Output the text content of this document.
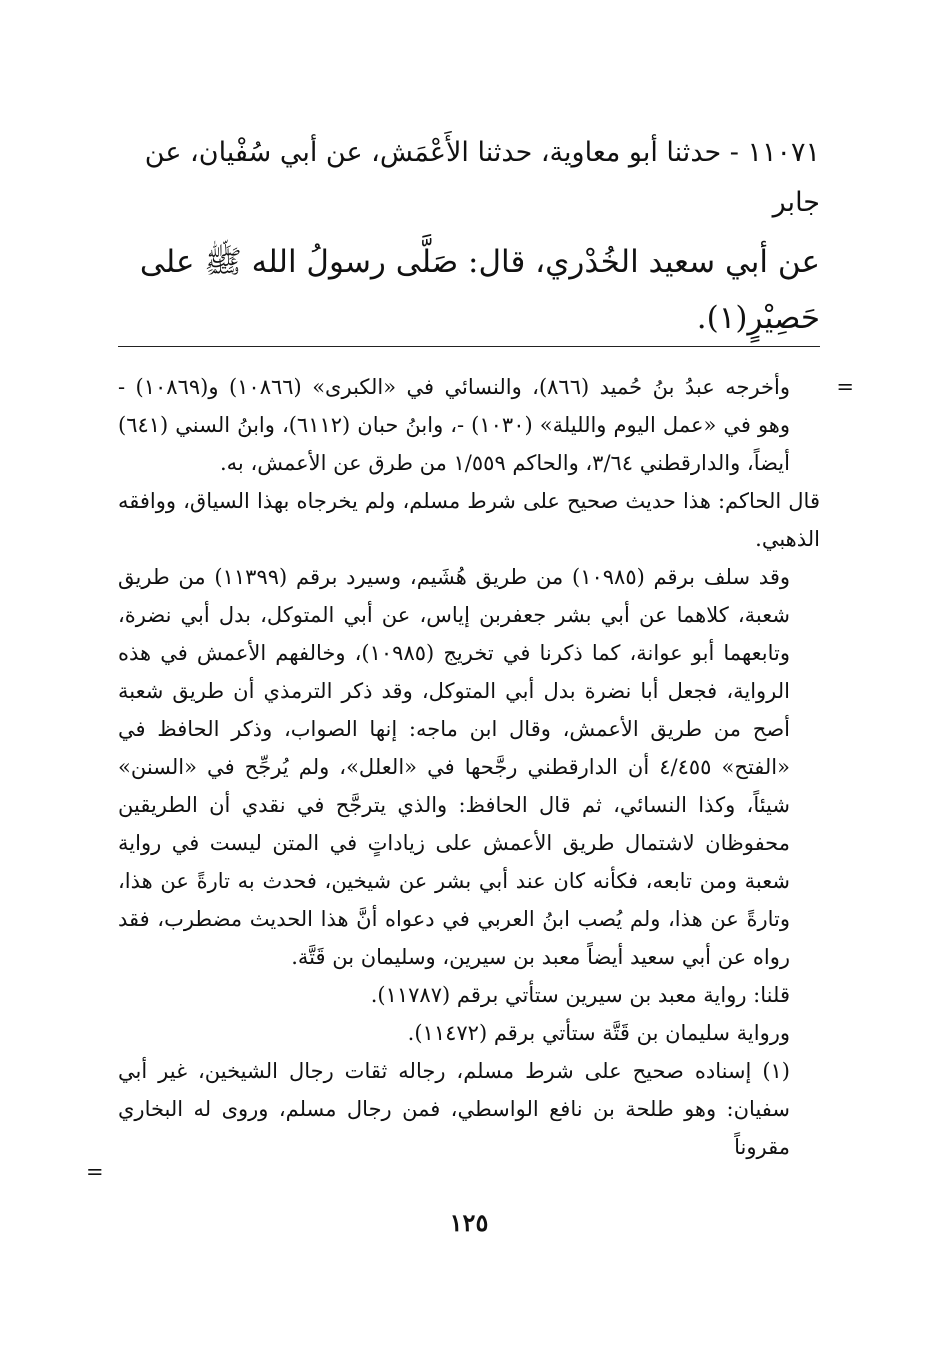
١١٠٧١ - حدثنا أبو معاوية، حدثنا الأَعْمَش، عن أبي سُفْيان، عن
جابر
عن أبي سعيد الخُدْري، قال: صَلَّى رسولُ الله ﷺ على
حَصِيْرٍ(١).
=

وأخرجه عبدُ بنُ حُميد (٨٦٦)، والنسائي في «الكبرى» (١٠٨٦٦) و(١٠٨٦٩) - وهو في «عمل اليوم والليلة» (١٠٣٠) -، وابنُ حبان (٦١١٢)، وابنُ السني (٦٤١) أيضاً، والدارقطني ٣/٦٤، والحاكم ١/٥٥٩ من طرق عن الأعمش، به.

قال الحاكم: هذا حديث صحيح على شرط مسلم، ولم يخرجاه بهذا السياق، ووافقه الذهبي.

وقد سلف برقم (١٠٩٨٥) من طريق هُشَيم، وسيرد برقم (١١٣٩٩) من طريق شعبة، كلاهما عن أبي بشر جعفربن إياس، عن أبي المتوكل، بدل أبي نضرة، وتابعهما أبو عوانة، كما ذكرنا في تخريج (١٠٩٨٥)، وخالفهم الأعمش في هذه الرواية، فجعل أبا نضرة بدل أبي المتوكل، وقد ذكر الترمذي أن طريق شعبة أصح من طريق الأعمش، وقال ابن ماجه: إنها الصواب، وذكر الحافظ في «الفتح» ٤/٤٥٥ أن الدارقطني رجَّحها في «العلل»، ولم يُرجِّح في «السنن» شيئاً، وكذا النسائي، ثم قال الحافظ: والذي يترجَّح في نقدي أن الطريقين محفوظان لاشتمال طريق الأعمش على زياداتٍ في المتن ليست في رواية شعبة ومن تابعه، فكأنه كان عند أبي بشر عن شيخين، فحدث به تارةً عن هذا، وتارةً عن هذا، ولم يُصب ابنُ العربي في دعواه أنَّ هذا الحديث مضطرب، فقد رواه عن أبي سعيد أيضاً معبد بن سيرين، وسليمان بن قَتَّة.

قلنا: رواية معبد بن سيرين ستأتي برقم (١١٧٨٧).

ورواية سليمان بن قَتَّة ستأتي برقم (١١٤٧٢).

(١) إسناده صحيح على شرط مسلم، رجاله ثقات رجال الشيخين، غير أبي سفيان: وهو طلحة بن نافع الواسطي، فمن رجال مسلم، وروى له البخاري مقروناً

=
١٢٥
